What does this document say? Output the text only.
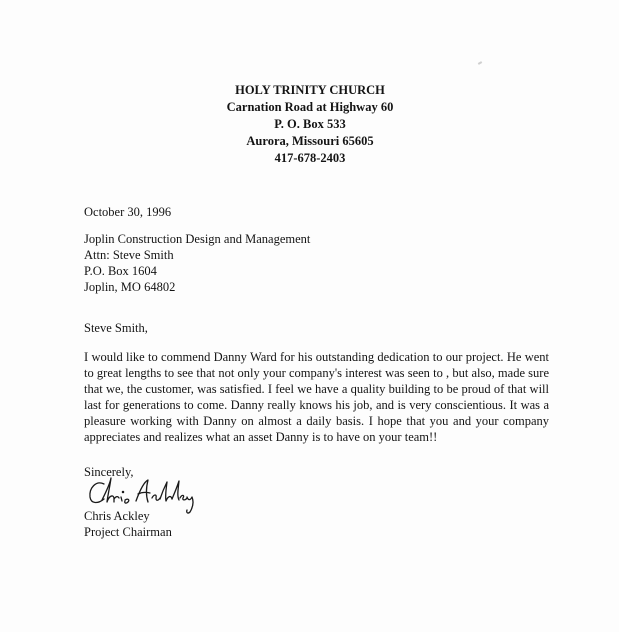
HOLY TRINITY CHURCH
Carnation Road at Highway 60
P. O. Box 533
Aurora, Missouri 65605
417-678-2403
October 30, 1996
Joplin Construction Design and Management
Attn: Steve Smith
P.O. Box 1604
Joplin, MO 64802
Steve Smith,
I would like to commend Danny Ward for his outstanding dedication to our project. He went to great lengths to see that not only your company's interest was seen to , but also, made sure that we, the customer, was satisfied. I feel we have a quality building to be proud of that will last for generations to come. Danny really knows his job, and is very conscientious. It was a pleasure working with Danny on almost a daily basis. I hope that you and your company appreciates and realizes what an asset Danny is to have on your team!!
Sincerely,
Chris Ackley
Project Chairman
